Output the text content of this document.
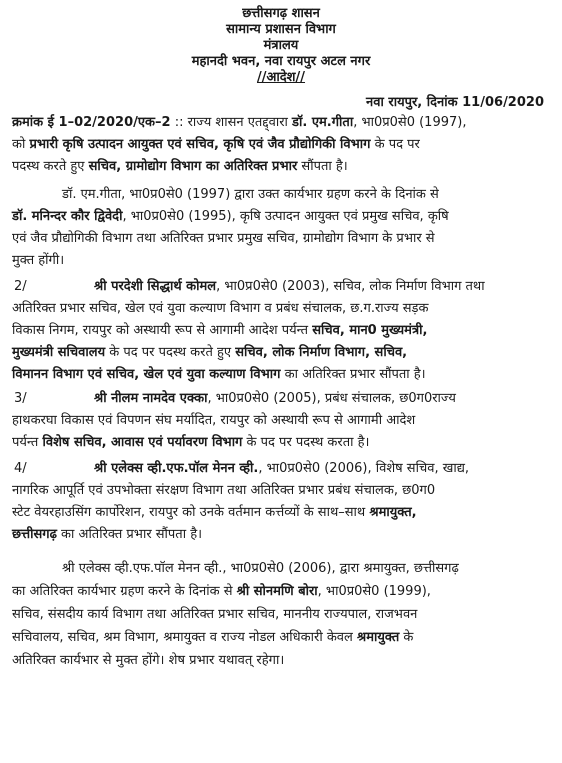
छत्तीसगढ़ शासन
सामान्य प्रशासन विभाग
मंत्रालय
महानदी भवन, नवा रायपुर अटल नगर
//आदेश//
नवा रायपुर, दिनांक 11/06/2020
क्रमांक ई 1–02/2020/एक–2 :: राज्य शासन एतद्द्वारा डॉ. एम.गीता, भा0प्र0से0 (1997),
को प्रभारी कृषि उत्पादन आयुक्त एवं सचिव, कृषि एवं जैव प्रौद्योगिकी विभाग के पद पर
पदस्थ करते हुए सचिव, ग्रामोद्योग विभाग का अतिरिक्त प्रभार सौंपता है।
डॉ. एम.गीता, भा0प्र0से0 (1997) द्वारा उक्त कार्यभार ग्रहण करने के दिनांक से
डॉ. मनिन्दर कौर द्विवेदी, भा0प्र0से0 (1995), कृषि उत्पादन आयुक्त एवं प्रमुख सचिव, कृषि
एवं जैव प्रौद्योगिकी विभाग तथा अतिरिक्त प्रभार प्रमुख सचिव, ग्रामोद्योग विभाग के प्रभार से
मुक्त होंगी।
2/	श्री परदेशी सिद्धार्थ कोमल, भा0प्र0से0 (2003), सचिव, लोक निर्माण विभाग तथा
अतिरिक्त प्रभार सचिव, खेल एवं युवा कल्याण विभाग व प्रबंध संचालक, छ.ग.राज्य सड़क
विकास निगम, रायपुर को अस्थायी रूप से आगामी आदेश पर्यन्त सचिव, मान0 मुख्यमंत्री,
मुख्यमंत्री सचिवालय के पद पर पदस्थ करते हुए सचिव, लोक निर्माण विभाग, सचिव,
विमानन विभाग एवं सचिव, खेल एवं युवा कल्याण विभाग का अतिरिक्त प्रभार सौंपता है।
3/	श्री नीलम नामदेव एक्का, भा0प्र0से0 (2005), प्रबंध संचालक, छ0ग0राज्य
हाथकरघा विकास एवं विपणन संघ मर्यादित, रायपुर को अस्थायी रूप से आगामी आदेश
पर्यन्त विशेष सचिव, आवास एवं पर्यावरण विभाग के पद पर पदस्थ करता है।
4/	श्री एलेक्स व्ही.एफ.पॉल मेनन व्ही., भा0प्र0से0 (2006), विशेष सचिव, खाद्य,
नागरिक आपूर्ति एवं उपभोक्ता संरक्षण विभाग तथा अतिरिक्त प्रभार प्रबंध संचालक, छ0ग0
स्टेट वेयरहाउसिंग कार्पोरेशन, रायपुर को उनके वर्तमान कर्त्तव्यों के साथ–साथ श्रमायुक्त,
छत्तीसगढ़ का अतिरिक्त प्रभार सौंपता है।
श्री एलेक्स व्ही.एफ.पॉल मेनन व्ही., भा0प्र0से0 (2006), द्वारा श्रमायुक्त, छत्तीसगढ़
का अतिरिक्त कार्यभार ग्रहण करने के दिनांक से श्री सोनमणि बोरा, भा0प्र0से0 (1999),
सचिव, संसदीय कार्य विभाग तथा अतिरिक्त प्रभार सचिव, माननीय राज्यपाल, राजभवन
सचिवालय, सचिव, श्रम विभाग, श्रमायुक्त व राज्य नोडल अधिकारी केवल श्रमायुक्त के
अतिरिक्त कार्यभार से मुक्त होंगे। शेष प्रभार यथावत् रहेगा।
